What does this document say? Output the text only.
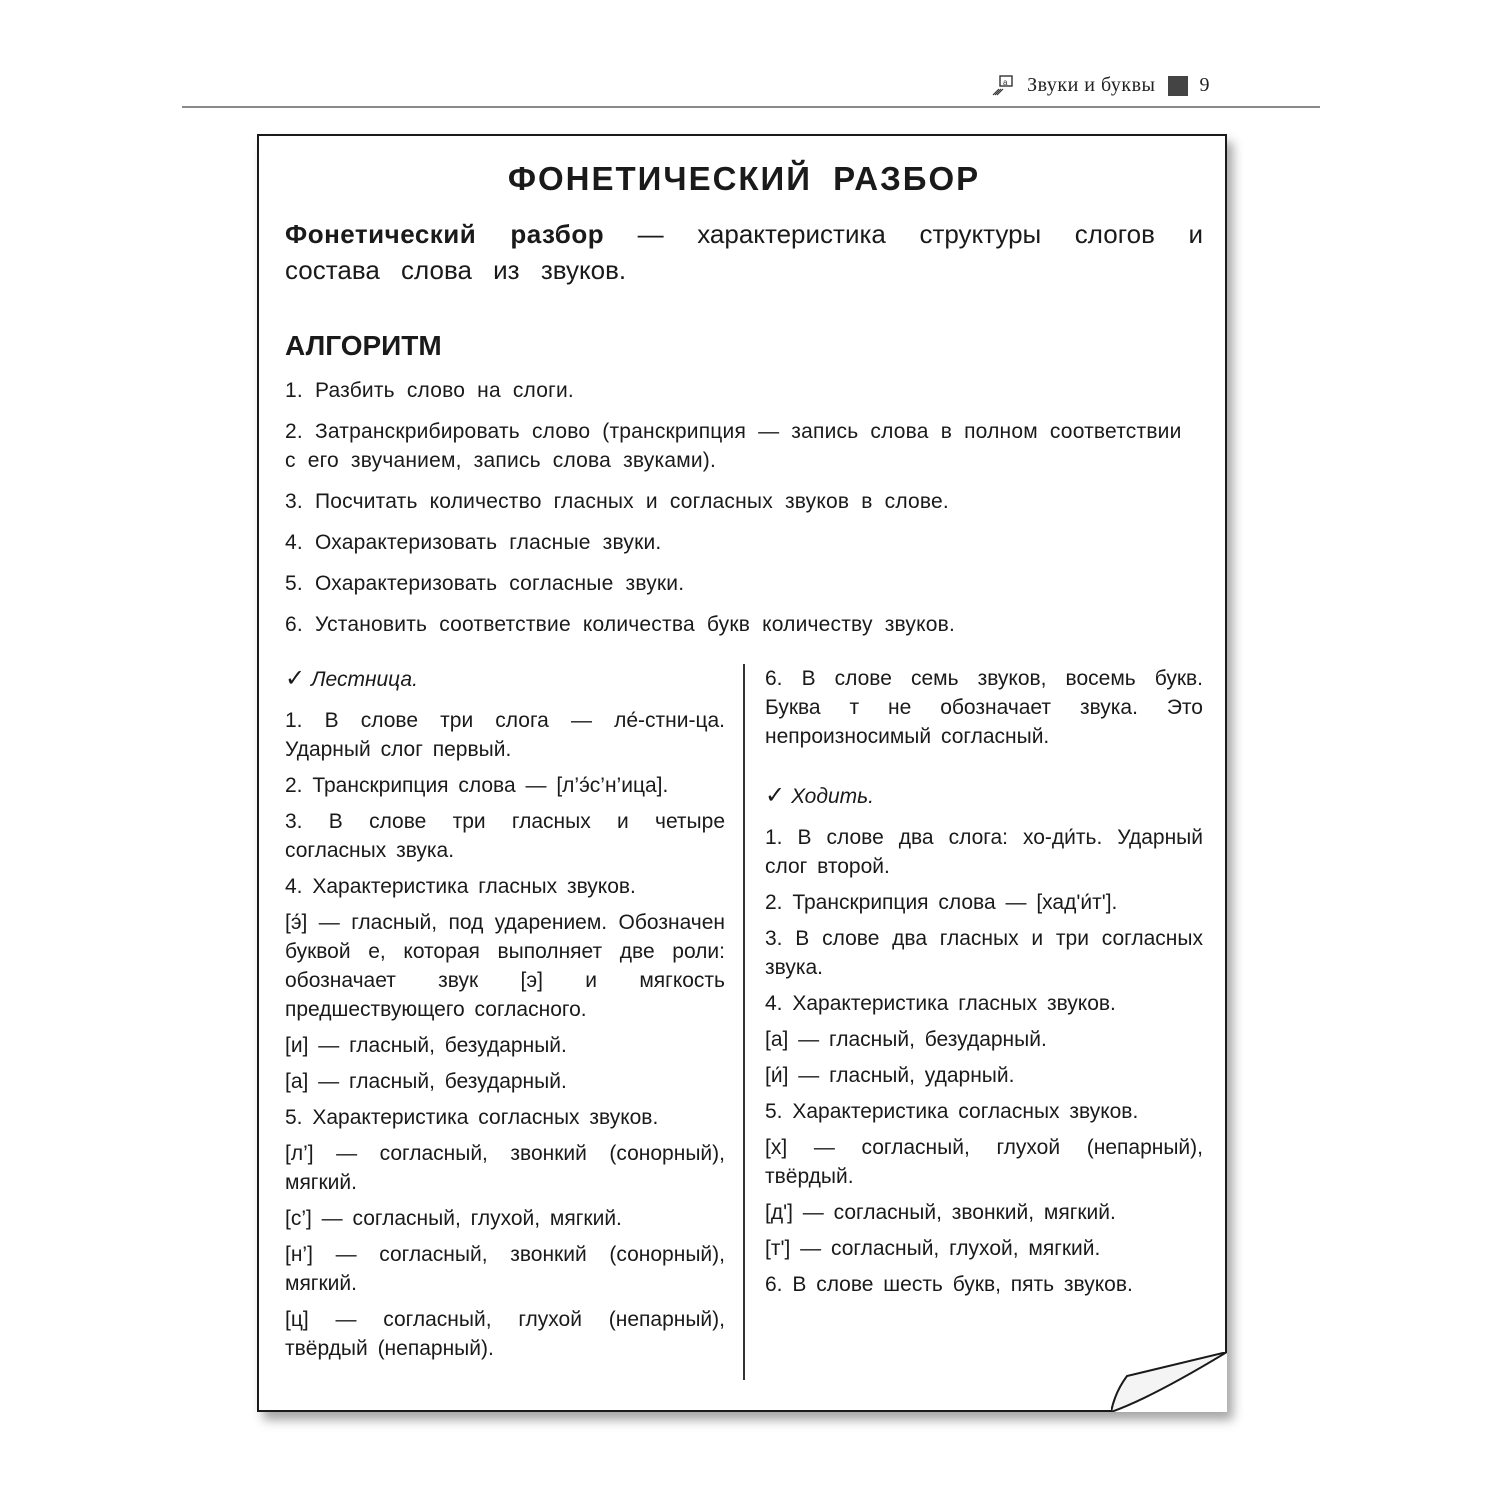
а Звуки и буквы 9
ФОНЕТИЧЕСКИЙ РАЗБОР

Фонетический разбор — характеристика структуры слогов и состава слова из звуков.

АЛГОРИТМ
1. Разбить слово на слоги.
2. Затранскрибировать слово (транскрипция — запись слова в полном соответствии с его звучанием, запись слова звуками).
3. Посчитать количество гласных и согласных звуков в слове.
4. Охарактеризовать гласные звуки.
5. Охарактеризовать согласные звуки.
6. Установить соответствие количества букв количеству звуков.

✓ Лестница.

1. В слове три слога — ле́-стни-ца. Ударный слог первый.

2. Транскрипция слова — [л’э́с’н’ица].

3. В слове три гласных и четыре согласных звука.

4. Характеристика гласных звуков.

[э́] — гласный, под ударением. Обозначен буквой е, которая выполняет две роли: обозначает звук [э] и мягкость предшествующего согласного.

[и] — гласный, безударный.

[а] — гласный, безударный.

5. Характеристика согласных звуков.

[л’] — согласный, звонкий (сонорный), мягкий.

[с’] — согласный, глухой, мягкий.

[н’] — согласный, звонкий (сонорный), мягкий.

[ц] — согласный, глухой (непарный), твёрдый (непарный).

6. В слове семь звуков, восемь букв. Буква т не обозначает звука. Это непроизносимый согласный.

✓ Ходить.

1. В слове два слога: хо-ди́ть. Ударный слог второй.

2. Транскрипция слова — [хад'и́т'].

3. В слове два гласных и три согласных звука.

4. Характеристика гласных звуков.

[а] — гласный, безударный.

[и́] — гласный, ударный.

5. Характеристика согласных звуков.

[х] — согласный, глухой (непарный), твёрдый.

[д'] — согласный, звонкий, мягкий.

[т'] — согласный, глухой, мягкий.

6. В слове шесть букв, пять звуков.
